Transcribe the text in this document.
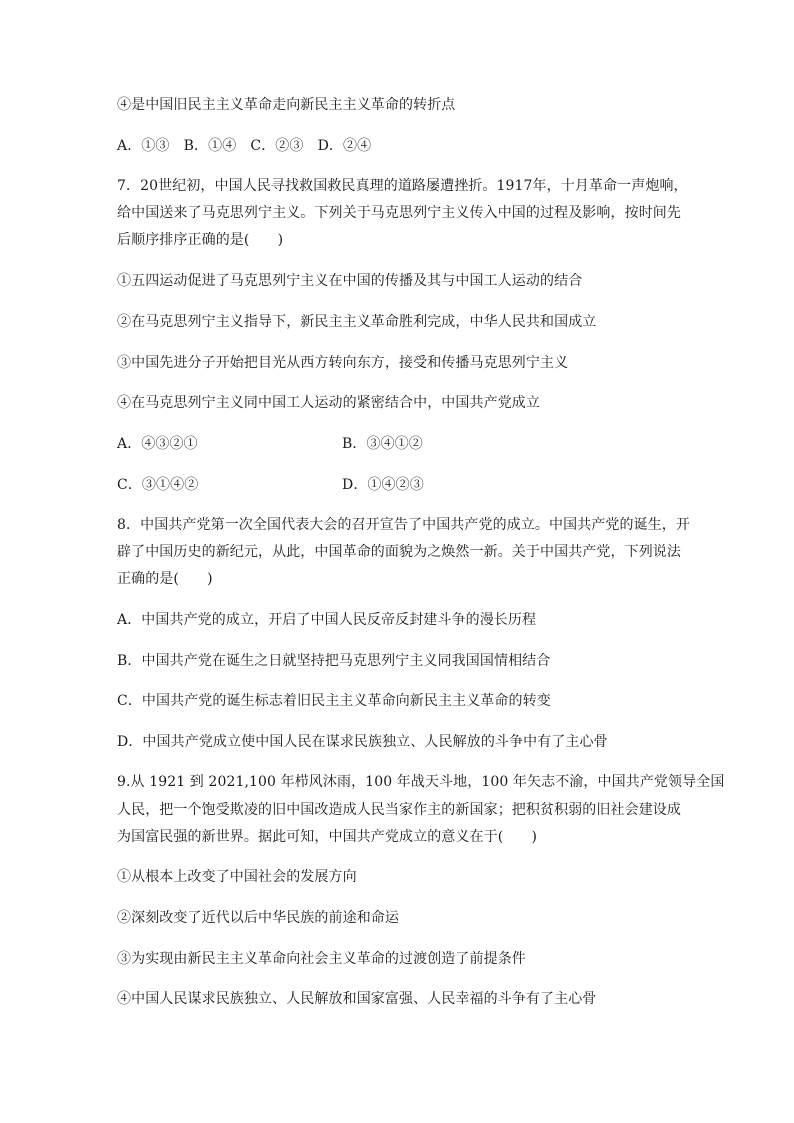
④是中国旧民主主义革命走向新民主主义革命的转折点
A．①③　B．①④　C．②③　D．②④
7．20世纪初，中国人民寻找救国救民真理的道路屡遭挫折。1917年，十月革命一声炮响，
给中国送来了马克思列宁主义。下列关于马克思列宁主义传入中国的过程及影响，按时间先
后顺序排序正确的是(　　)
①五四运动促进了马克思列宁主义在中国的传播及其与中国工人运动的结合
②在马克思列宁主义指导下，新民主主义革命胜利完成，中华人民共和国成立
③中国先进分子开始把目光从西方转向东方，接受和传播马克思列宁主义
④在马克思列宁主义同中国工人运动的紧密结合中，中国共产党成立
A．④③②①	B．③④①②
C．③①④②	D．①④②③
8．中国共产党第一次全国代表大会的召开宣告了中国共产党的成立。中国共产党的诞生，开
辟了中国历史的新纪元，从此，中国革命的面貌为之焕然一新。关于中国共产党，下列说法
正确的是(　　)
A．中国共产党的成立，开启了中国人民反帝反封建斗争的漫长历程
B．中国共产党在诞生之日就坚持把马克思列宁主义同我国国情相结合
C．中国共产党的诞生标志着旧民主主义革命向新民主主义革命的转变
D．中国共产党成立使中国人民在谋求民族独立、人民解放的斗争中有了主心骨
9.从 1921 到 2021,100 年栉风沐雨，100 年战天斗地，100 年矢志不渝，中国共产党领导全国
人民，把一个饱受欺凌的旧中国改造成人民当家作主的新国家；把积贫积弱的旧社会建设成
为国富民强的新世界。据此可知，中国共产党成立的意义在于(　　)
①从根本上改变了中国社会的发展方向
②深刻改变了近代以后中华民族的前途和命运
③为实现由新民主主义革命向社会主义革命的过渡创造了前提条件
④中国人民谋求民族独立、人民解放和国家富强、人民幸福的斗争有了主心骨
